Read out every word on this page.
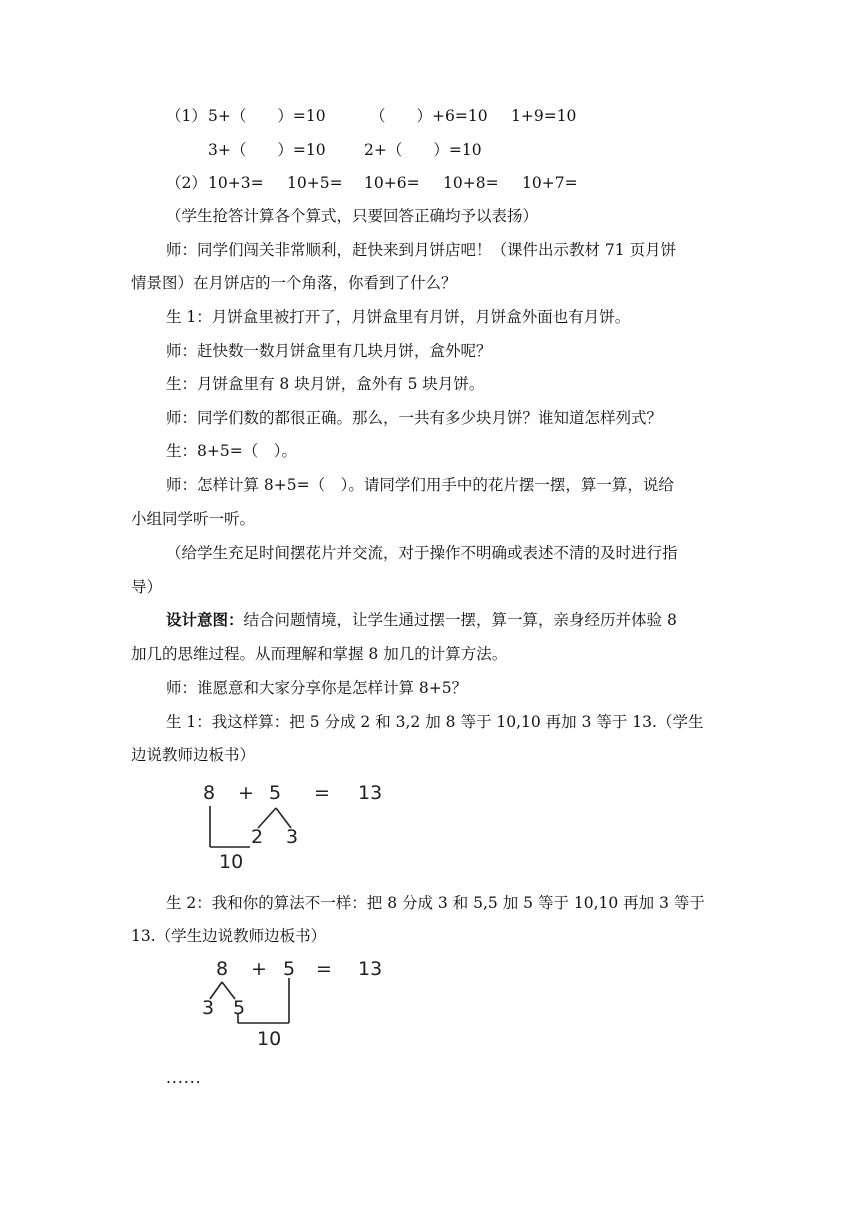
（1） 5+（　　）=10	（　　）+6=10 1+9=10
3+（　　）=10 2+（　　）=10
（2） 10+3= 10+5= 10+6= 10+8= 10+7=
（学生抢答计算各个算式，只要回答正确均予以表扬）
师：同学们闯关非常顺利，赶快来到月饼店吧！（课件出示教材 71 页月饼
情景图）在月饼店的一个角落，你看到了什么？
生 1：月饼盒里被打开了，月饼盒里有月饼，月饼盒外面也有月饼。
师：赶快数一数月饼盒里有几块月饼，盒外呢？
生：月饼盒里有 8 块月饼，盒外有 5 块月饼。
师：同学们数的都很正确。那么，一共有多少块月饼？谁知道怎样列式？
生：8+5=（　）。
师：怎样计算 8+5=（　）。请同学们用手中的花片摆一摆，算一算，说给
小组同学听一听。
（给学生充足时间摆花片并交流，对于操作不明确或表述不清的及时进行指
导）
设计意图：结合问题情境，让学生通过摆一摆，算一算，亲身经历并体验 8
加几的思维过程。从而理解和掌握 8 加几的计算方法。
师：谁愿意和大家分享你是怎样计算 8+5？
生 1：我这样算：把 5 分成 2 和 3,2 加 8 等于 10,10 再加 3 等于 13.（学生
边说教师边板书）
8 + 5 = 13
2 3
10
生 2：我和你的算法不一样：把 8 分成 3 和 5,5 加 5 等于 10,10 再加 3 等于
13.（学生边说教师边板书）
8 + 5 = 13
3 5
10
......
